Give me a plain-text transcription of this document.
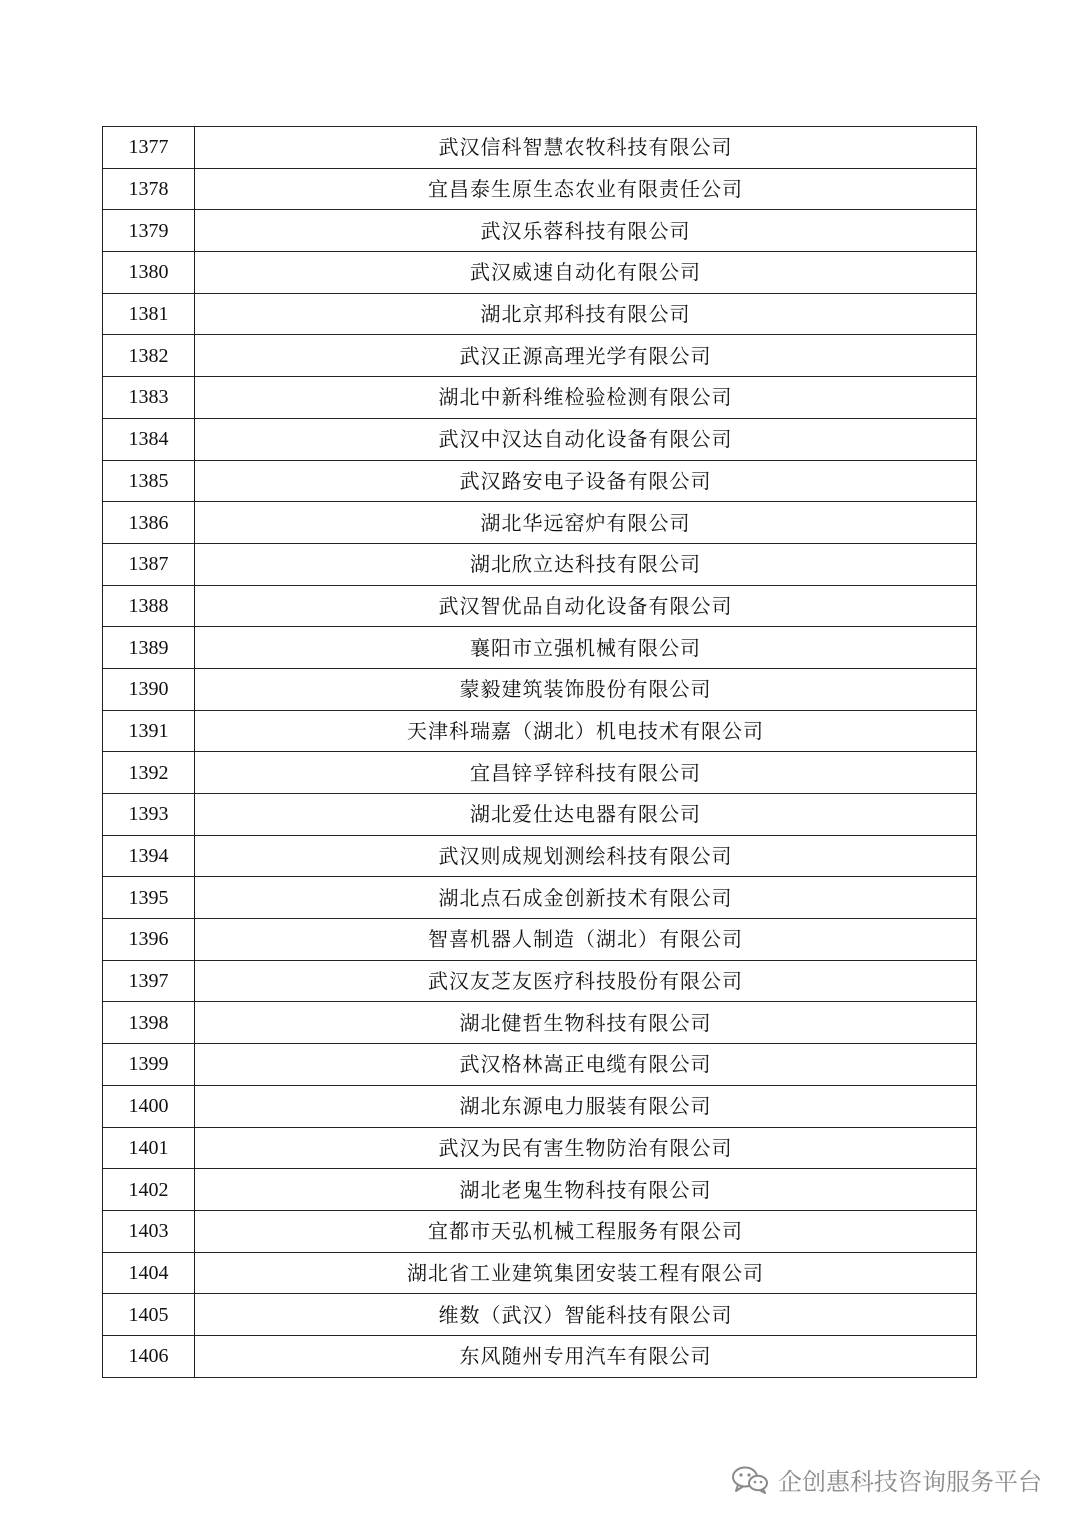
1377	武汉信科智慧农牧科技有限公司
1378	宜昌泰生原生态农业有限责任公司
1379	武汉乐蓉科技有限公司
1380	武汉威速自动化有限公司
1381	湖北京邦科技有限公司
1382	武汉正源高理光学有限公司
1383	湖北中新科维检验检测有限公司
1384	武汉中汉达自动化设备有限公司
1385	武汉路安电子设备有限公司
1386	湖北华远窑炉有限公司
1387	湖北欣立达科技有限公司
1388	武汉智优品自动化设备有限公司
1389	襄阳市立强机械有限公司
1390	蒙毅建筑装饰股份有限公司
1391	天津科瑞嘉（湖北）机电技术有限公司
1392	宜昌锌孚锌科技有限公司
1393	湖北爱仕达电器有限公司
1394	武汉则成规划测绘科技有限公司
1395	湖北点石成金创新技术有限公司
1396	智喜机器人制造（湖北）有限公司
1397	武汉友芝友医疗科技股份有限公司
1398	湖北健哲生物科技有限公司
1399	武汉格林嵩正电缆有限公司
1400	湖北东源电力服装有限公司
1401	武汉为民有害生物防治有限公司
1402	湖北老鬼生物科技有限公司
1403	宜都市天弘机械工程服务有限公司
1404	湖北省工业建筑集团安装工程有限公司
1405	维数（武汉）智能科技有限公司
1406	东风随州专用汽车有限公司
企创惠科技咨询服务平台
